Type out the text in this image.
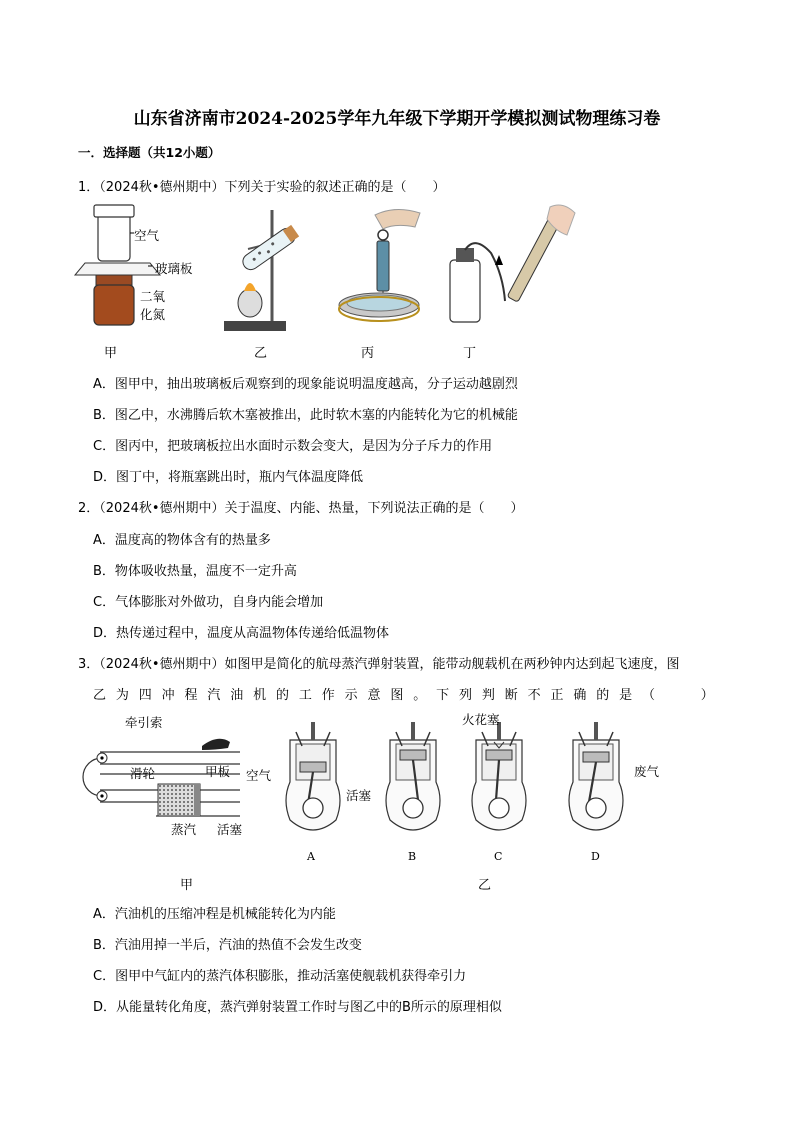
山东省济南市2024-2025学年九年级下学期开学模拟测试物理练习卷
一．选择题（共12小题）
1．（2024秋•德州期中）下列关于实验的叙述正确的是（　　）
空气
玻璃板
二氧
化氮
甲	乙	丙	丁
A．图甲中，抽出玻璃板后观察到的现象能说明温度越高，分子运动越剧烈
B．图乙中，水沸腾后软木塞被推出，此时软木塞的内能转化为它的机械能
C．图丙中，把玻璃板拉出水面时示数会变大，是因为分子斥力的作用
D．图丁中，将瓶塞跳出时，瓶内气体温度降低
2．（2024秋•德州期中）关于温度、内能、热量，下列说法正确的是（　　）
A．温度高的物体含有的热量多
B．物体吸收热量，温度不一定升高
C．气体膨胀对外做功，自身内能会增加
D．热传递过程中，温度从高温物体传递给低温物体
3．（2024秋•德州期中）如图甲是简化的航母蒸汽弹射装置，能带动舰载机在两秒钟内达到起飞速度，图
乙 为 四 冲 程 汽 油 机 的 工 作 示 意 图 。 下 列 判 断 不 正 确 的 是 （
　　	）
牵引索
滑轮	甲板
蒸汽 活塞
火花塞
空气
活塞
废气
A	B	C	D
甲	乙
A．汽油机的压缩冲程是机械能转化为内能
B．汽油用掉一半后，汽油的热值不会发生改变
C．图甲中气缸内的蒸汽体积膨胀，推动活塞使舰载机获得牵引力
D．从能量转化角度，蒸汽弹射装置工作时与图乙中的B所示的原理相似
